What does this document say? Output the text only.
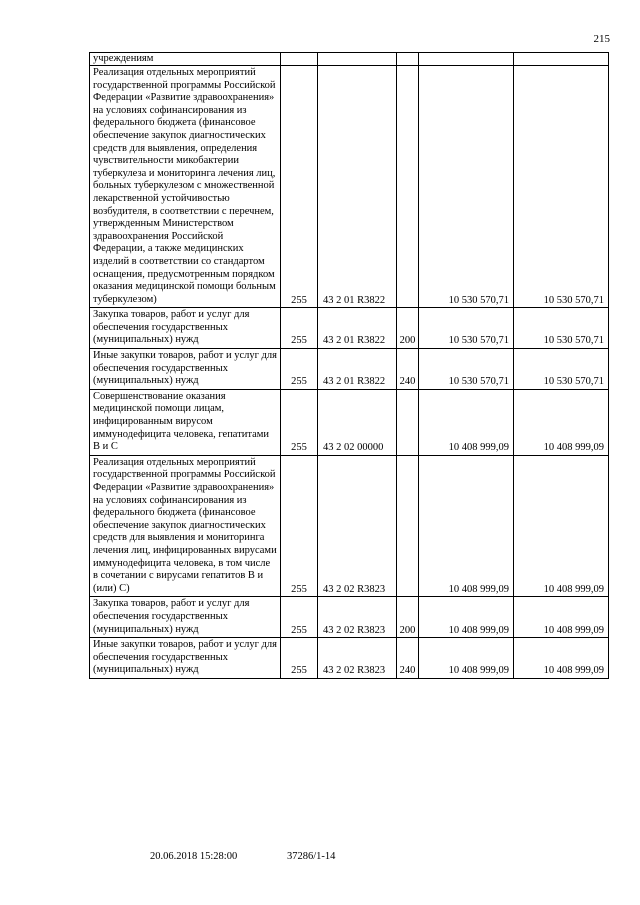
215
учреждениям					
Реализация отдельных мероприятий государственной программы Российской Федерации «Развитие здравоохранения» на условиях софинансирования из федерального бюджета (финансовое обеспечение закупок диагностических средств для выявления, определения чувствительности микобактерии туберкулеза и мониторинга лечения лиц, больных туберкулезом с множественной лекарственной устойчивостью возбудителя, в соответствии с перечнем, утвержденным Министерством здравоохранения Российской Федерации, а также медицинских изделий в соответствии со стандартом оснащения, предусмотренным порядком оказания медицинской помощи больным туберкулезом)	255	43 2 01 R3822		10 530 570,71	10 530 570,71
Закупка товаров, работ и услуг для обеспечения государственных (муниципальных) нужд	255	43 2 01 R3822	200	10 530 570,71	10 530 570,71
Иные закупки товаров, работ и услуг для обеспечения государственных (муниципальных) нужд	255	43 2 01 R3822	240	10 530 570,71	10 530 570,71
Совершенствование оказания медицинской помощи лицам, инфицированным вирусом иммунодефицита человека, гепатитами В и С	255	43 2 02 00000		10 408 999,09	10 408 999,09
Реализация отдельных мероприятий государственной программы Российской Федерации «Развитие здравоохранения» на условиях софинансирования из федерального бюджета (финансовое обеспечение закупок диагностических средств для выявления и мониторинга лечения лиц, инфицированных вирусами иммунодефицита человека, в том числе в сочетании с вирусами гепатитов В и (или) С)	255	43 2 02 R3823		10 408 999,09	10 408 999,09
Закупка товаров, работ и услуг для обеспечения государственных (муниципальных) нужд	255	43 2 02 R3823	200	10 408 999,09	10 408 999,09
Иные закупки товаров, работ и услуг для обеспечения государственных (муниципальных) нужд	255	43 2 02 R3823	240	10 408 999,09	10 408 999,09
20.06.2018 15:28:00	37286/1-14
